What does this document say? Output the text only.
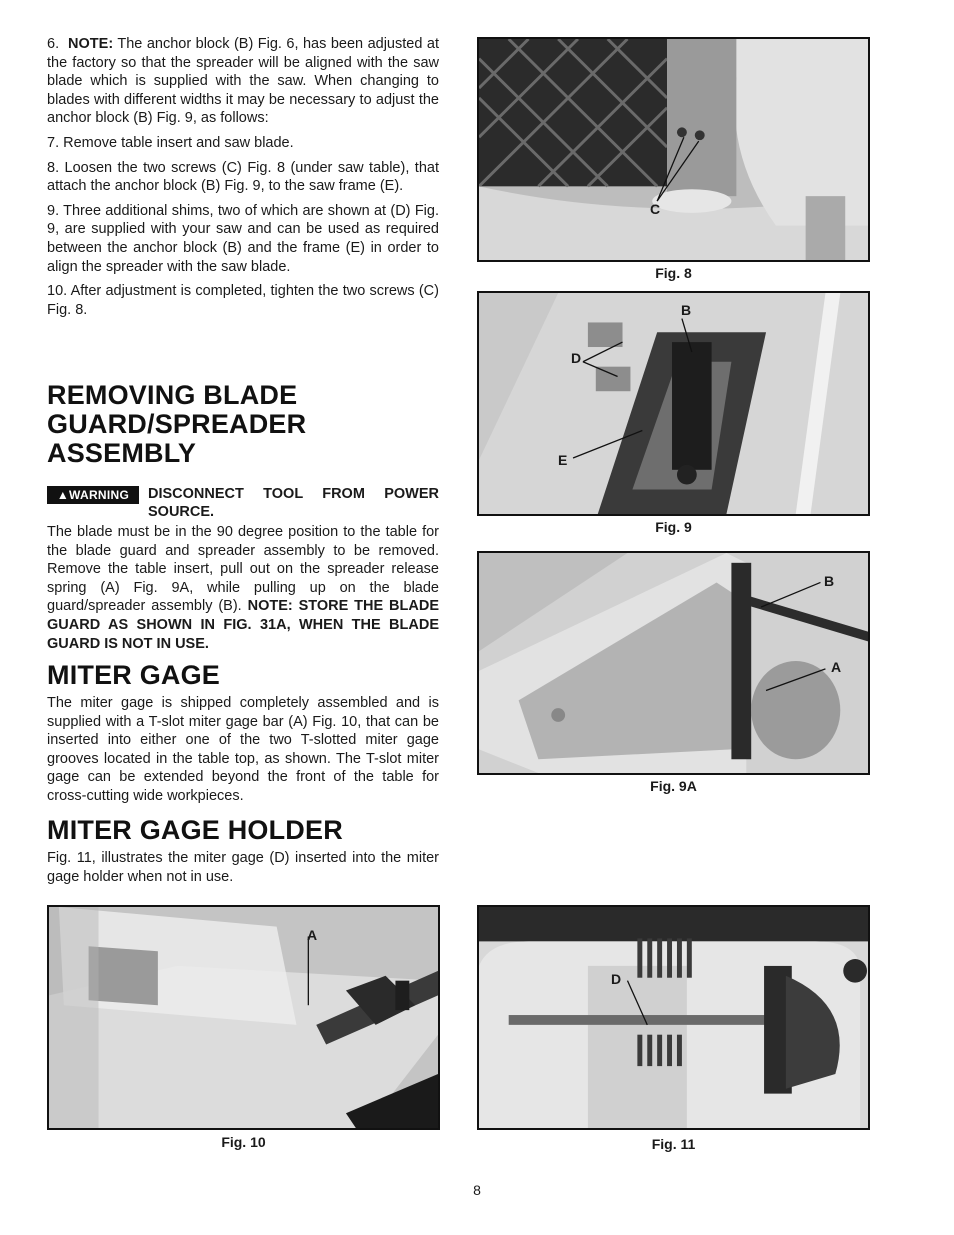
6. NOTE: The anchor block (B) Fig. 6, has been adjusted at the factory so that the spreader will be aligned with the saw blade which is supplied with the saw. When changing to blades with different widths it may be necessary to adjust the anchor block (B) Fig. 9, as follows:

7. Remove table insert and saw blade.

8. Loosen the two screws (C) Fig. 8 (under saw table), that attach the anchor block (B) Fig. 9, to the saw frame (E).

9. Three additional shims, two of which are shown at (D) Fig. 9, are supplied with your saw and can be used as required between the anchor block (B) and the frame (E) in order to align the spreader with the saw blade.

10. After adjustment is completed, tighten the two screws (C) Fig. 8.

REMOVING BLADE
GUARD/SPREADER
ASSEMBLY
▲WARNING	DISCONNECT TOOL FROM POWER SOURCE.

The blade must be in the 90 degree position to the table for the blade guard and spreader assembly to be removed. Remove the table insert, pull out on the spreader release spring (A) Fig. 9A, while pulling up on the blade guard/spreader assembly (B). NOTE: STORE THE BLADE GUARD AS SHOWN IN FIG. 31A, WHEN THE BLADE GUARD IS NOT IN USE.

MITER GAGE

The miter gage is shipped completely assembled and is supplied with a T-slot miter gage bar (A) Fig. 10, that can be inserted into either one of the two T-slotted miter gage grooves located in the table top, as shown. The T-slot miter gage can be extended beyond the front of the table for cross-cutting wide workpieces.

MITER GAGE HOLDER

Fig. 11, illustrates the miter gage (D) inserted into the miter gage holder when not in use.

C
Fig. 8
B
D
E
Fig. 9
B
A
Fig. 9A
A
Fig. 10
D
Fig. 11
8
